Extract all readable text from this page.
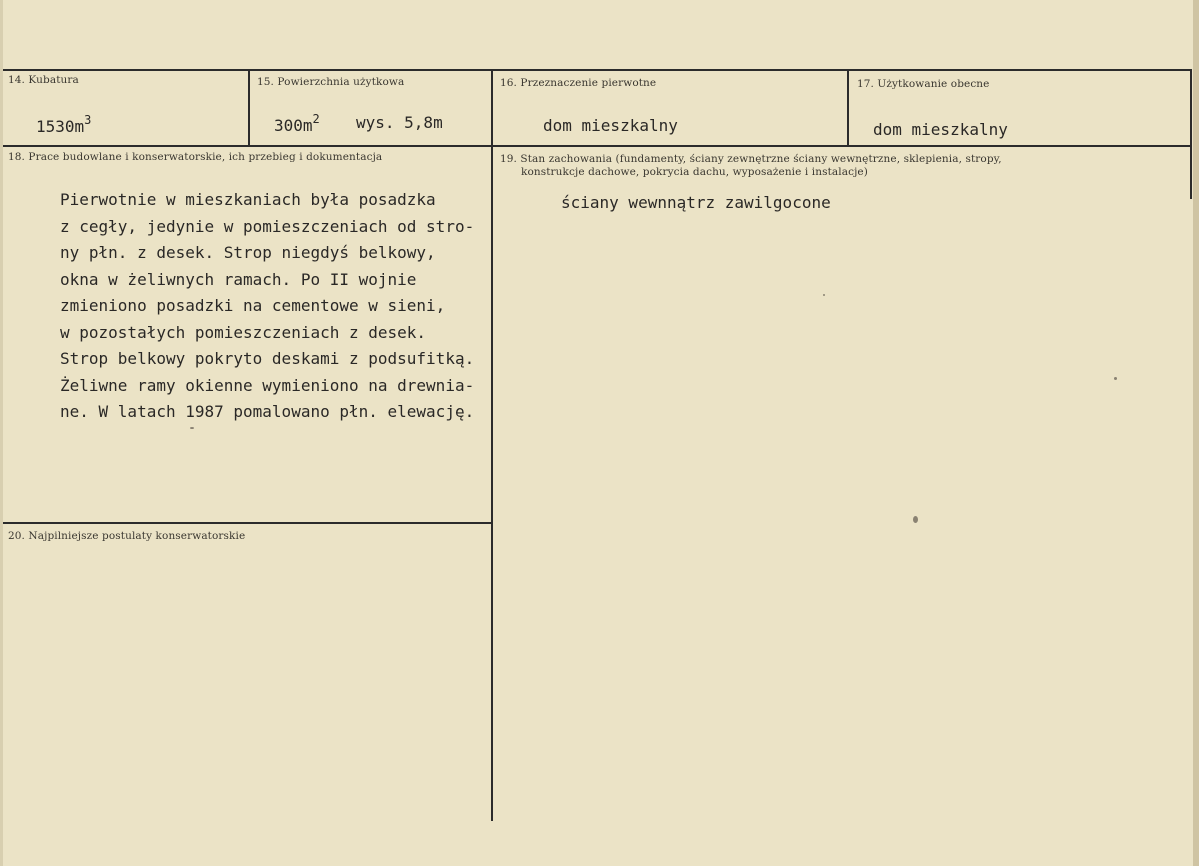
14. Kubatura
$1530m^3$
15. Powierzchnia użytkowa
$300m^2$ wys. 5,8m
16. Przeznaczenie pierwotne
dom mieszkalny
17. Użytkowanie obecne
dom mieszkalny
18. Prace budowlane i konserwatorskie, ich przebieg i dokumentacja
Pierwotnie w mieszkaniach była posadzka
z cegły, jedynie w pomieszczeniach od stro-
ny płn. z desek. Strop niegdyś belkowy,
okna w żeliwnych ramach. Po II wojnie
zmieniono posadzki na cementowe w sieni,
w pozostałych pomieszczeniach z desek.
Strop belkowy pokryto deskami z podsufitką.
Żeliwne ramy okienne wymieniono na drewnia-
ne. W latach 1987 pomalowano płn. elewację.
19. Stan zachowania (fundamenty, ściany zewnętrzne ściany wewnętrzne, sklepienia, stropy,
konstrukcje dachowe, pokrycia dachu, wyposażenie i instalacje)
ściany wewnnątrz zawilgocone
20. Najpilniejsze postulaty konserwatorskie
